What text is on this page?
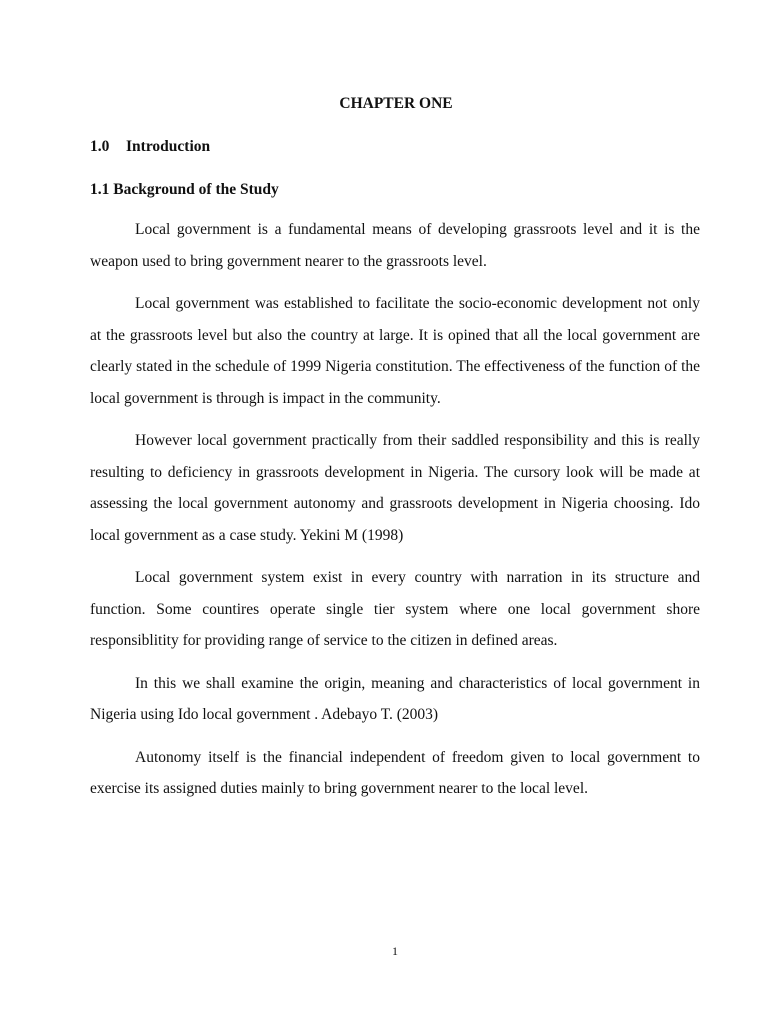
CHAPTER ONE
1.0 Introduction
1.1 Background of the Study

Local government is a fundamental means of developing grassroots level and it is the weapon used to bring government nearer to the grassroots level.

Local government was established to facilitate the socio-economic development not only at the grassroots level but also the country at large. It is opined that all the local government are clearly stated in the schedule of 1999 Nigeria constitution. The effectiveness of the function of the local government is through is impact in the community.

However local government practically from their saddled responsibility and this is really resulting to deficiency in grassroots development in Nigeria. The cursory look will be made at assessing the local government autonomy and grassroots development in Nigeria choosing. Ido local government as a case study. Yekini M (1998)

Local government system exist in every country with narration in its structure and function. Some countires operate single tier system where one local government shore responsiblitity for providing range of service to the citizen in defined areas.

In this we shall examine the origin, meaning and characteristics of local government in Nigeria using Ido local government . Adebayo T. (2003)

Autonomy itself is the financial independent of freedom given to local government to exercise its assigned duties mainly to bring government nearer to the local level.

1
